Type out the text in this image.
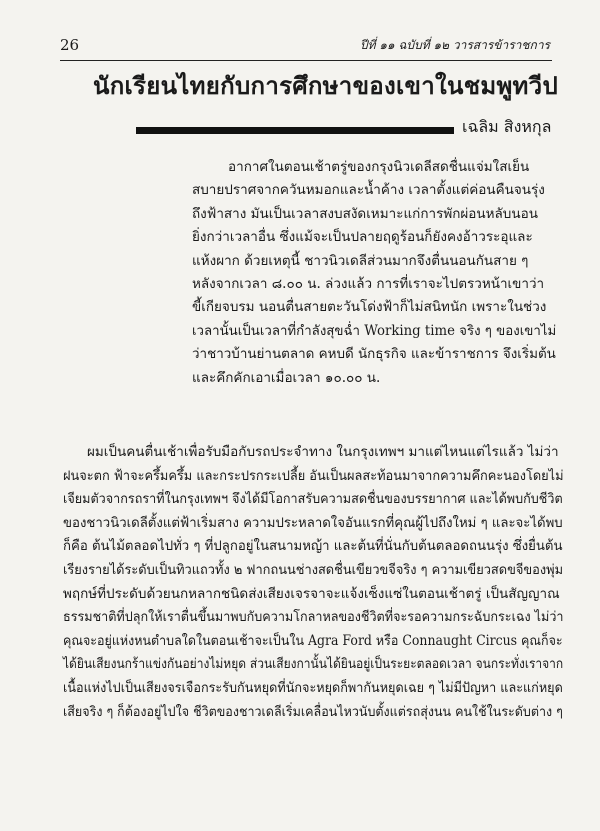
26	ปีที่ ๑๑ ฉบับที่ ๑๒ วารสารข้าราชการ
นักเรียนไทยกับการศึกษาของเขาในชมพูทวีป
เฉลิม สิงหกุล

อากาศในตอนเช้าตรู่ของกรุงนิวเดลีสดชื่นแจ่มใสเย็น

สบายปราศจากควันหมอกและน้ำค้าง เวลาตั้งแต่ค่อนคืนจนรุ่ง

ถึงฟ้าสาง มันเป็นเวลาสงบสงัดเหมาะแก่การพักผ่อนหลับนอน

ยิ่งกว่าเวลาอื่น ซึ่งแม้จะเป็นปลายฤดูร้อนก็ยังคงอ้าวระอุและ

แห้งผาก ด้วยเหตุนี้ ชาวนิวเดลีส่วนมากจึงตื่นนอนกันสาย ๆ

หลังจากเวลา ๘.๐๐ น. ล่วงแล้ว การที่เราจะไปตรวหน้าเขาว่า

ขี้เกียจบรม นอนตื่นสายตะวันโด่งฟ้าก็ไม่สนิทนัก เพราะในช่วง

เวลานั้นเป็นเวลาที่กำลังสุขฉ่ำ Working time จริง ๆ ของเขาไม่

ว่าชาวบ้านย่านตลาด คหบดี นักธุรกิจ และข้าราชการ จึงเริ่มต้น

และคึกคักเอาเมื่อเวลา ๑๐.๐๐ น.

ผมเป็นคนตื่นเช้าเพื่อรับมือกับรถประจำทาง ในกรุงเทพฯ มาแต่ไหนแต่ไรแล้ว ไม่ว่า

ฝนจะตก ฟ้าจะครึ้มครึ้ม และกระปรกระเปลี้ย อันเป็นผลสะท้อนมาจากความคึกคะนองโดยไม่

เจียมตัวจากรถราที่ในกรุงเทพฯ จึงได้มีโอกาสรับความสดชื่นของบรรยากาศ และได้พบกับชีวิต

ของชาวนิวเดลีตั้งแต่ฟ้าเริ่มสาง ความประหลาดใจอันแรกที่คุณผู้ไปถึงใหม่ ๆ และจะได้พบ

ก็คือ ต้นไม้ตลอดไปทั่ว ๆ ที่ปลูกอยู่ในสนามหญ้า และต้นที่นั่นกับต้นตลอดถนนรุ่ง ซึ่งยื่นต้น

เรียงรายได้ระดับเป็นทิวแถวทั้ง ๒ ฟากถนนช่างสดชื่นเขียวขจีจริง ๆ ความเขียวสดขจีของพุ่ม

พฤกษ์ที่ประดับด้วยนกหลากชนิดส่งเสียงเจรจาจะแจ้งเซ็งแซ่ในตอนเช้าตรู่ เป็นสัญญาณ

ธรรมชาติที่ปลุกให้เราตื่นขึ้นมาพบกับความโกลาหลของชีวิตที่จะรอความกระฉับกระเฉง ไม่ว่า

คุณจะอยู่แห่งหนตำบลใดในตอนเช้าจะเป็นใน Agra Ford หรือ Connaught Circus คุณก็จะ

ได้ยินเสียงนกร้าแข่งกันอย่างไม่หยุด ส่วนเสียงกานั้นได้ยินอยู่เป็นระยะตลอดเวลา จนกระทั่งเราจาก

เนื้อแห่งไปเป็นเสียงจรเจือกระรับกันหยุดที่นักจะหยุดก็พากันหยุดเฉย ๆ ไม่มีปัญหา และแก่หยุด

เสียจริง ๆ ก็ต้องอยู่ไปใจ ชีวิตของชาวเดลีเริ่มเคลื่อนไหวนับตั้งแต่รถสุ่งนน คนใช้ในระดับต่าง ๆ
